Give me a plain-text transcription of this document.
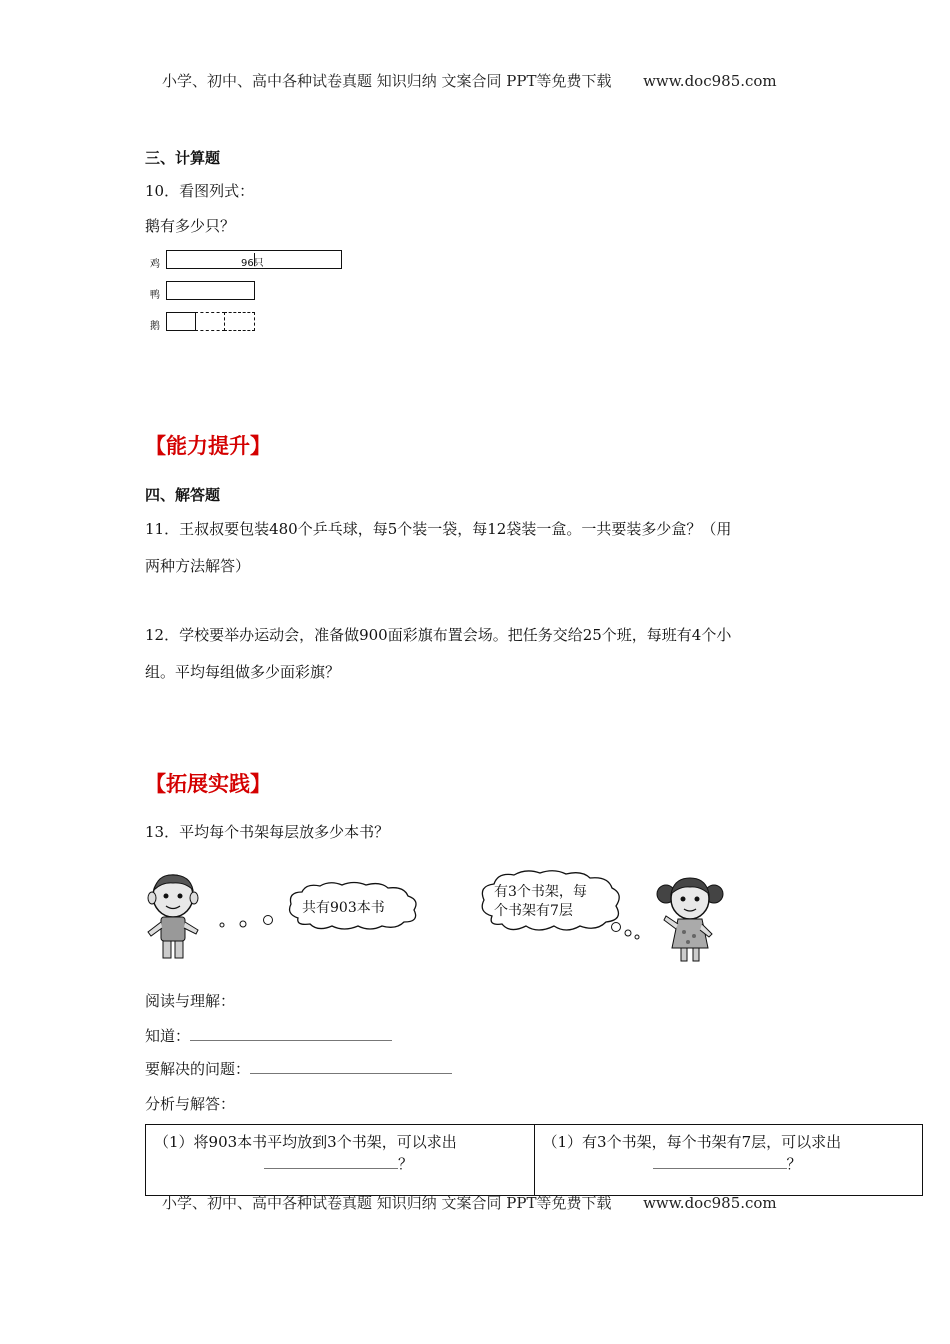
小学、初中、高中各种试卷真题 知识归纳 文案合同 PPT等免费下载 www.doc985.com
三、计算题
10．看图列式：
鹅有多少只？
鸡	96只
鸭
鹅
【能力提升】
四、解答题
11．王叔叔要包装480个乒乓球，每5个装一袋，每12袋装一盒。一共要装多少盒？（用
两种方法解答）
12．学校要举办运动会，准备做900面彩旗布置会场。把任务交给25个班，每班有4个小
组。平均每组做多少面彩旗？
【拓展实践】
13．平均每个书架每层放多少本书？
共有903本书
有3个书架，每
个书架有7层
阅读与理解：
知道：
要解决的问题：
分析与解答：
（1）将903本书平均放到3个书架，可以求出
？
	（1）有3个书架，每个书架有7层，可以求出
？
小学、初中、高中各种试卷真题 知识归纳 文案合同 PPT等免费下载 www.doc985.com
